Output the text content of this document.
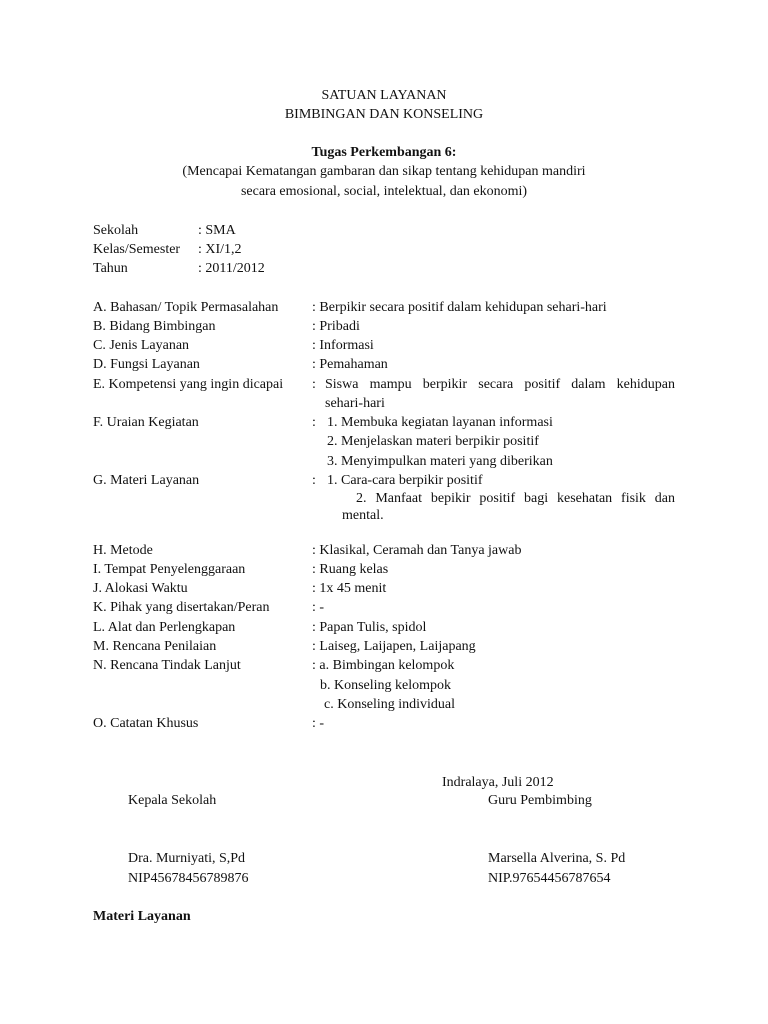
SATUAN LAYANAN
BIMBINGAN DAN KONSELING
Tugas Perkembangan 6:
(Mencapai Kematangan gambaran dan sikap tentang kehidupan mandiri
secara emosional, social, intelektual, dan ekonomi)
Sekolah	: SMA
Kelas/Semester : XI/1,2
Tahun	: 2011/2012
A. Bahasan/ Topik Permasalahan : Berpikir secara positif dalam kehidupan sehari-hari
B. Bidang Bimbingan	: Pribadi
C. Jenis Layanan	: Informasi
D. Fungsi Layanan	: Pemahaman
E. Kompetensi yang ingin dicapai : Siswa mampu berpikir secara positif dalam kehidupan
sehari-hari
F. Uraian Kegiatan	: 1. Membuka kegiatan layanan informasi
2. Menjelaskan materi berpikir positif
3. Menyimpulkan materi yang diberikan
G. Materi Layanan	: 1. Cara-cara berpikir positif
2. Manfaat bepikir positif bagi kesehatan fisik dan
mental.
H. Metode	: Klasikal, Ceramah dan Tanya jawab
I. Tempat Penyelenggaraan	: Ruang kelas
J. Alokasi Waktu	: 1x 45 menit
K. Pihak yang disertakan/Peran	: -
L. Alat dan Perlengkapan	: Papan Tulis, spidol
M. Rencana Penilaian	: Laiseg, Laijapen, Laijapang
N. Rencana Tindak Lanjut	: a. Bimbingan kelompok
b. Konseling kelompok
c. Konseling individual
O. Catatan Khusus	: -
Indralaya, Juli 2012
Kepala Sekolah	Guru Pembimbing
Dra. Murniyati, S,Pd	Marsella Alverina, S. Pd
NIP45678456789876	NIP.97654456787654
Materi Layanan
